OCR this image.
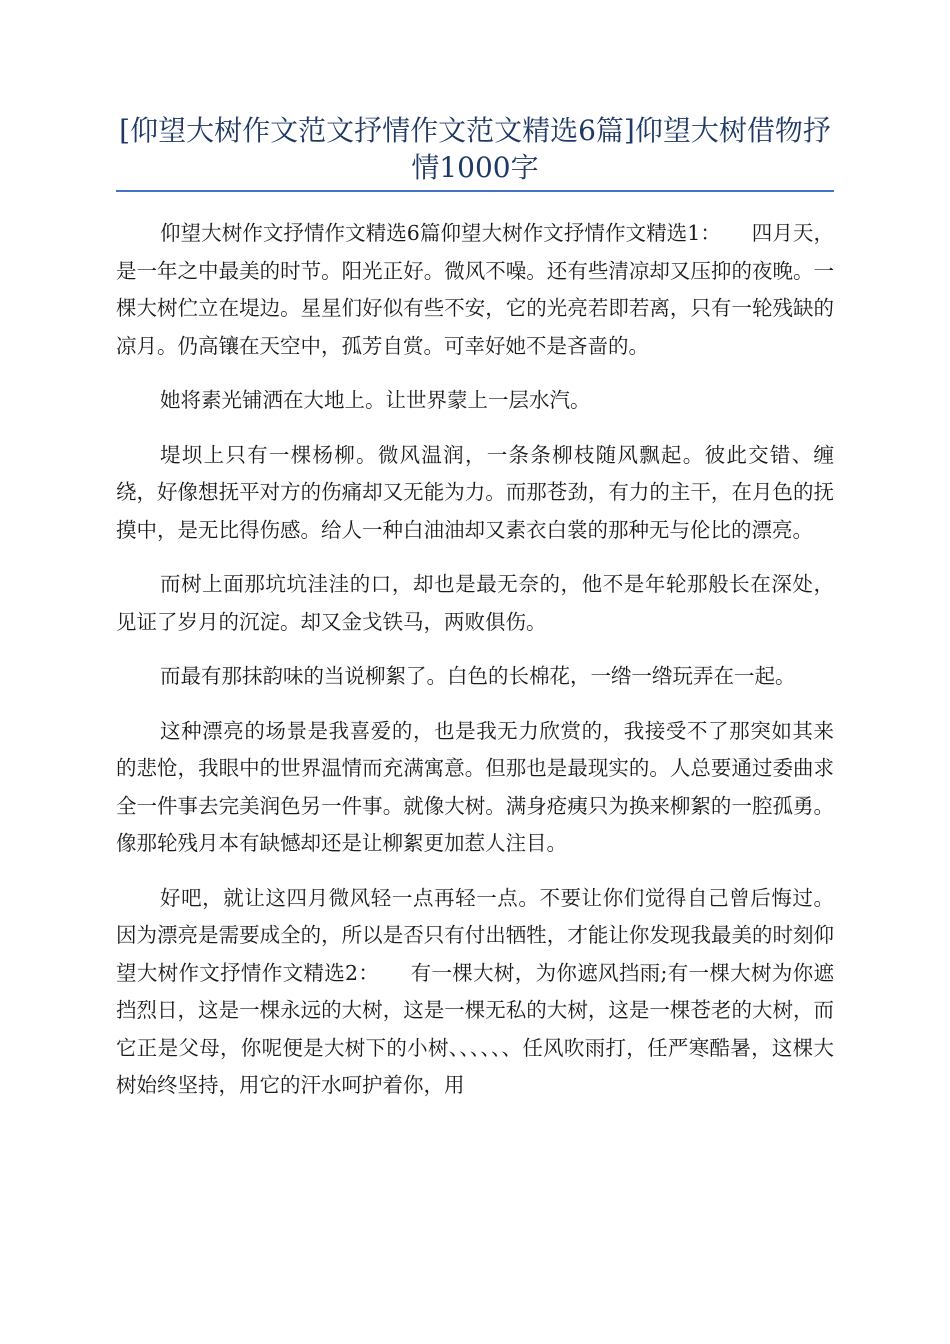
[仰望大树作文范文抒情作文范文精选6篇]仰望大树借物抒情1000字

仰望大树作文抒情作文精选6篇仰望大树作文抒情作文精选1：　　四月天，是一年之中最美的时节。阳光正好。微风不噪。还有些清凉却又压抑的夜晚。一棵大树伫立在堤边。星星们好似有些不安，它的光亮若即若离，只有一轮残缺的凉月。仍高镶在天空中，孤芳自赏。可幸好她不是吝啬的。

她将素光铺洒在大地上。让世界蒙上一层水汽。

堤坝上只有一棵杨柳。微风温润，一条条柳枝随风飘起。彼此交错、缠绕，好像想抚平对方的伤痛却又无能为力。而那苍劲，有力的主干，在月色的抚摸中，是无比得伤感。给人一种白油油却又素衣白裳的那种无与伦比的漂亮。

而树上面那坑坑洼洼的口，却也是最无奈的，他不是年轮那般长在深处，见证了岁月的沉淀。却又金戈铁马，两败俱伤。

而最有那抹韵味的当说柳絮了。白色的长棉花，一绺一绺玩弄在一起。

这种漂亮的场景是我喜爱的，也是我无力欣赏的，我接受不了那突如其来的悲怆，我眼中的世界温情而充满寓意。但那也是最现实的。人总要通过委曲求全一件事去完美润色另一件事。就像大树。满身疮痍只为换来柳絮的一腔孤勇。像那轮残月本有缺憾却还是让柳絮更加惹人注目。

好吧，就让这四月微风轻一点再轻一点。不要让你们觉得自己曾后悔过。因为漂亮是需要成全的，所以是否只有付出牺牲，才能让你发现我最美的时刻仰望大树作文抒情作文精选2：　　有一棵大树，为你遮风挡雨;有一棵大树为你遮挡烈日，这是一棵永远的大树，这是一棵无私的大树，这是一棵苍老的大树，而它正是父母，你呢便是大树下的小树、、、、、、任风吹雨打，任严寒酷暑，这棵大树始终坚持，用它的汗水呵护着你，用
